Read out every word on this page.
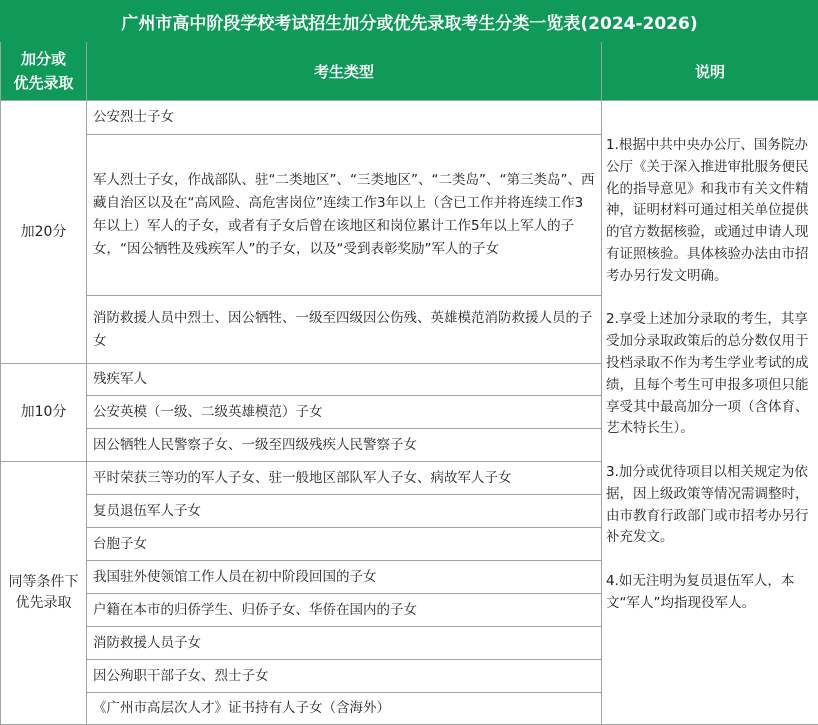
广州市高中阶段学校考试招生加分或优先录取考生分类一览表(2024-2026)		

加分或
优先录取	考生类型	说明
加20分	公安烈士子女	1.根据中共中央办公厅、国务院办公厅《关于深入推进审批服务便民化的指导意见》和我市有关文件精神，证明材料可通过相关单位提供的官方数据核验，或通过申请人现有证照核验。具体核验办法由市招考办另行发文明确。

2.享受上述加分录取的考生，其享受加分录取政策后的总分数仅用于投档录取不作为考生学业考试的成绩，且每个考生可申报多项但只能享受其中最高加分一项（含体育、艺术特长生）。

3.加分或优待项目以相关规定为依据，因上级政策等情况需调整时，由市教育行政部门或市招考办另行补充发文。

4.如无注明为复员退伍军人，本文“军人”均指现役军人。

	军人烈士子女，作战部队、驻“二类地区”、“三类地区”、“二类岛”、“第三类岛”、西藏自治区以及在“高风险、高危害岗位”连续工作3年以上（含已工作并将连续工作3年以上）军人的子女，或者有子女后曾在该地区和岗位累计工作5年以上军人的子女，“因公牺牲及残疾军人”的子女，以及“受到表彰奖励”军人的子女	
	消防救援人员中烈士、因公牺牲、一级至四级因公伤残、英雄模范消防救援人员的子女	
加10分	残疾军人	
	公安英模（一级、二级英雄模范）子女	
	因公牺牲人民警察子女、一级至四级残疾人民警察子女	

同等条件下
优先录取	平时荣获三等功的军人子女、驻一般地区部队军人子女、病故军人子女	
	复员退伍军人子女	
	台胞子女	
	我国驻外使领馆工作人员在初中阶段回国的子女	
	户籍在本市的归侨学生、归侨子女、华侨在国内的子女	
	消防救援人员子女	
	因公殉职干部子女、烈士子女	
	《广州市高层次人才》证书持有人子女（含海外）	
